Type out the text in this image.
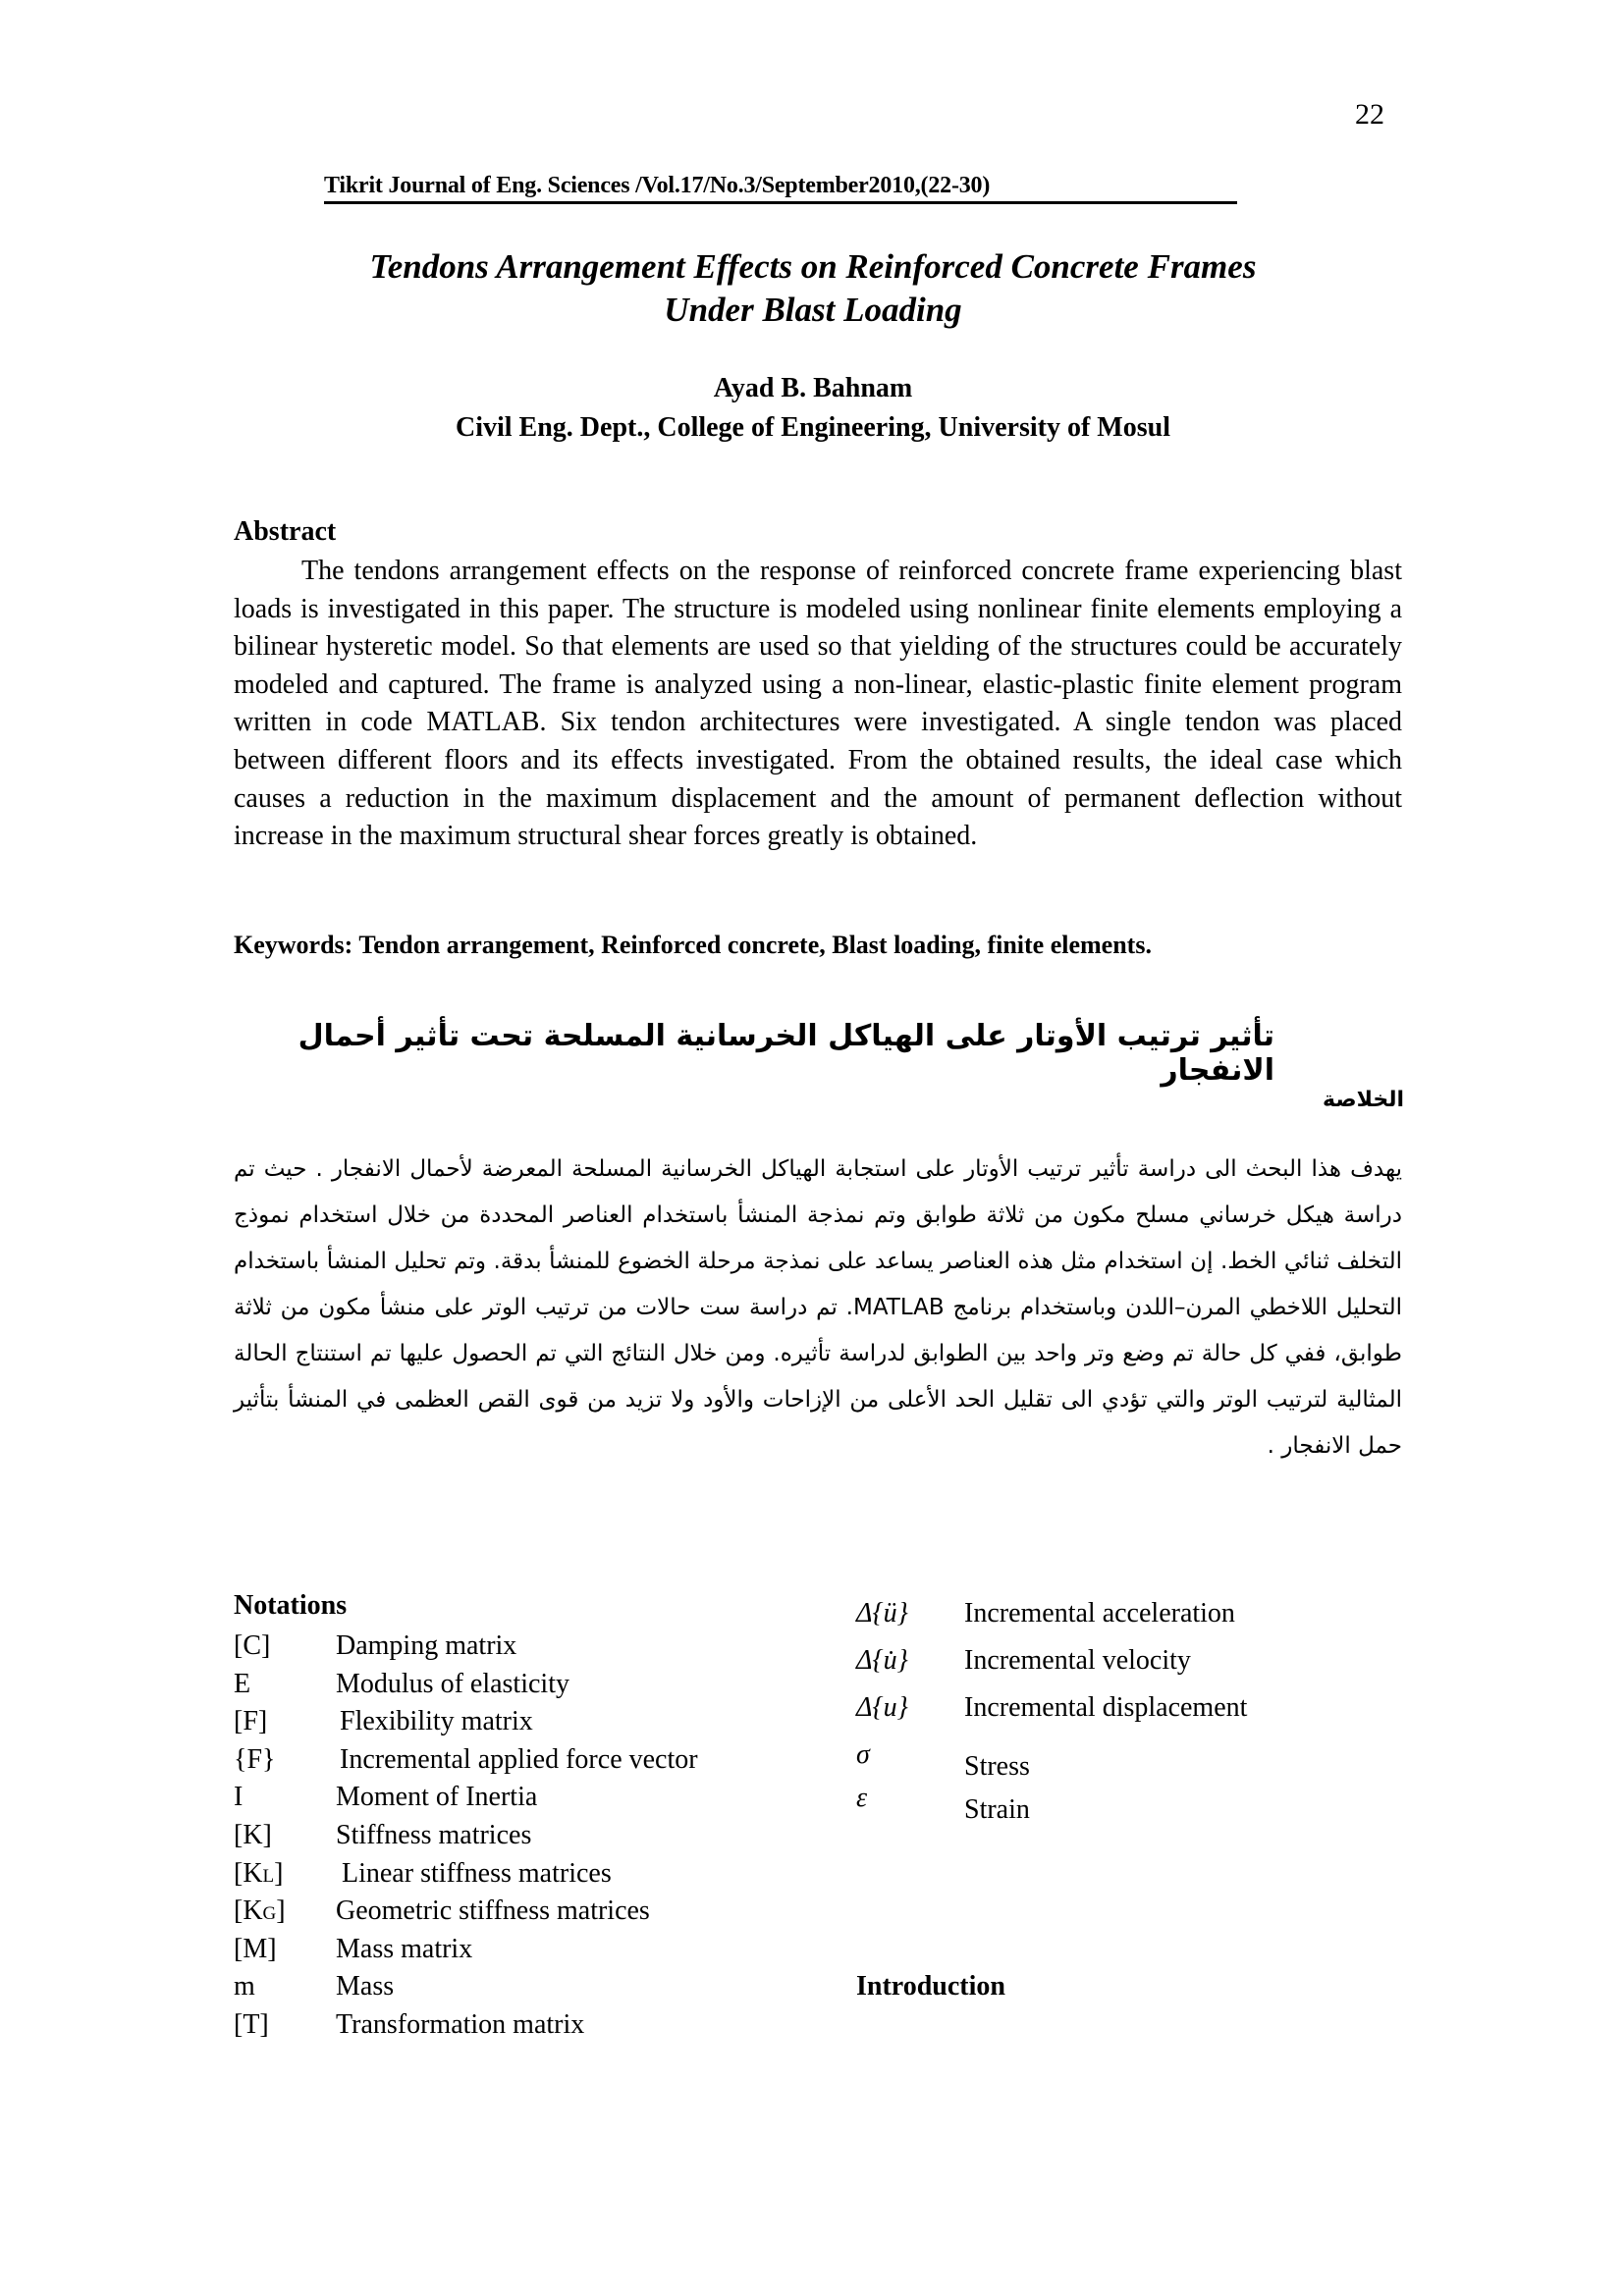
22
Tikrit Journal of Eng. Sciences /Vol.17/No.3/September2010,(22-30)
Tendons Arrangement Effects on Reinforced Concrete Frames
Under Blast Loading
Ayad B. Bahnam
Civil Eng. Dept., College of Engineering, University of Mosul
Abstract
The tendons arrangement effects on the response of reinforced concrete frame experiencing blast loads is investigated in this paper. The structure is modeled using nonlinear finite elements employing a bilinear hysteretic model. So that elements are used so that yielding of the structures could be accurately modeled and captured. The frame is analyzed using a non-linear, elastic-plastic finite element program written in code MATLAB. Six tendon architectures were investigated. A single tendon was placed between different floors and its effects investigated. From the obtained results, the ideal case which causes a reduction in the maximum displacement and the amount of permanent deflection without increase in the maximum structural shear forces greatly is obtained.
Keywords: Tendon arrangement, Reinforced concrete, Blast loading, finite elements.
تأثير ترتيب الأوتار على الهياكل الخرسانية المسلحة تحت تأثير أحمال الانفجار
الخلاصة
يهدف هذا البحث الى دراسة تأثير ترتيب الأوتار على استجابة الهياكل الخرسانية المسلحة المعرضة لأحمال الانفجار . حيث تم دراسة هيكل خرساني مسلح مكون من ثلاثة طوابق وتم نمذجة المنشأ باستخدام العناصر المحددة من خلال استخدام نموذج التخلف ثنائي الخط. إن استخدام مثل هذه العناصر يساعد على نمذجة مرحلة الخضوع للمنشأ بدقة. وتم تحليل المنشأ باستخدام التحليل اللاخطي المرن–اللدن وباستخدام برنامج MATLAB. تم دراسة ست حالات من ترتيب الوتر على منشأ مكون من ثلاثة طوابق، ففي كل حالة تم وضع وتر واحد بين الطوابق لدراسة تأثيره. ومن خلال النتائج التي تم الحصول عليها تم استنتاج الحالة المثالية لترتيب الوتر والتي تؤدي الى تقليل الحد الأعلى من الإزاحات والأود ولا تزيد من قوى القص العظمى في المنشأ بتأثير حمل الانفجار .
Notations
[C]	Damping matrix
E	Modulus of elasticity
[F]	Flexibility matrix
{F}	Incremental applied force vector
I	Moment of Inertia
[K]	Stiffness matrices
[KL]	Linear stiffness matrices
[KG]	Geometric stiffness matrices
[M]	Mass matrix
m	Mass
[T]	Transformation matrix
Δ{ü}	Incremental acceleration
Δ{u̇}	Incremental velocity
Δ{u}	Incremental displacement
σ	Stress
ε	Strain
Introduction
